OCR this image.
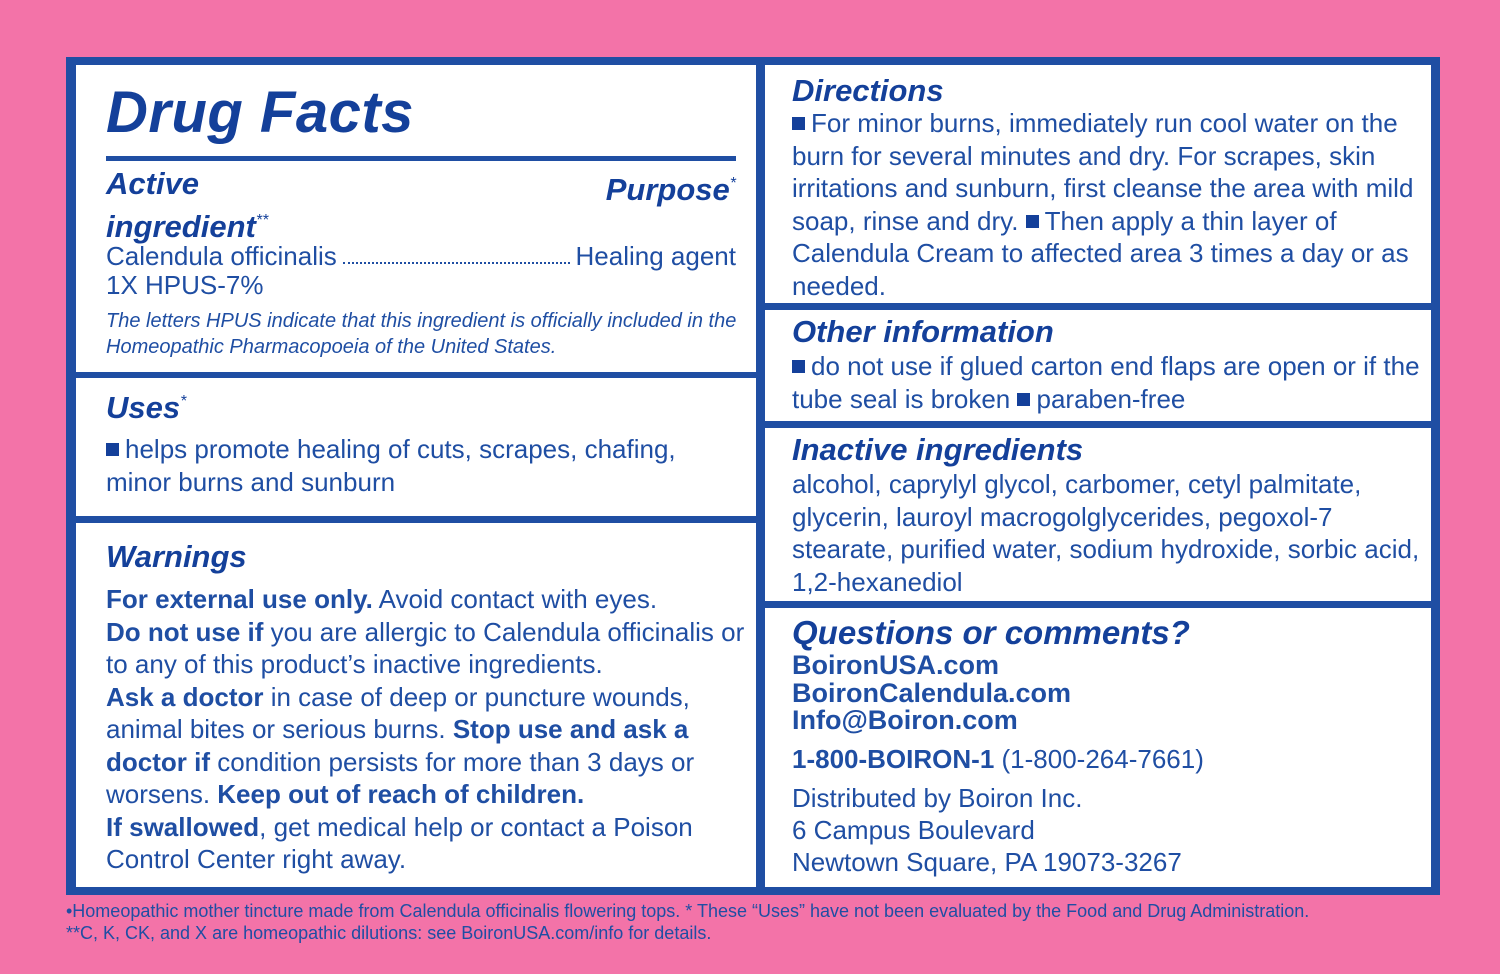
Drug Facts
Active
ingredient**
Purpose*
Calendula officinalis	Healing agent
1X HPUS-7%
The letters HPUS indicate that this ingredient is officially included in the Homeopathic Pharmacopoeia of the United States.
Uses*
helps promote healing of cuts, scrapes, chafing, minor burns and sunburn
Warnings
For external use only. Avoid contact with eyes.
Do not use if you are allergic to Calendula officinalis or to any of this product’s inactive ingredients.
Ask a doctor in case of deep or puncture wounds, animal bites or serious burns. Stop use and ask a doctor if condition persists for more than 3 days or worsens. Keep out of reach of children.
If swallowed, get medical help or contact a Poison Control Center right away.
Directions
For minor burns, immediately run cool water on the burn for several minutes and dry. For scrapes, skin irritations and sunburn, first cleanse the area with mild soap, rinse and dry. Then apply a thin layer of Calendula Cream to affected area 3 times a day or as needed.
Other information
do not use if glued carton end flaps are open or if the tube seal is broken paraben-free
Inactive ingredients
alcohol, caprylyl glycol, carbomer, cetyl palmitate, glycerin, lauroyl macrogolglycerides, pegoxol-7 stearate, purified water, sodium hydroxide, sorbic acid, 1,2-hexanediol
Questions or comments?
BoironUSA.com
BoironCalendula.com
Info@Boiron.com
1-800-BOIRON-1 (1-800-264-7661)
Distributed by Boiron Inc.
6 Campus Boulevard
Newtown Square, PA 19073-3267
•Homeopathic mother tincture made from Calendula officinalis flowering tops. * These “Uses” have not been evaluated by the Food and Drug Administration.
**C, K, CK, and X are homeopathic dilutions: see BoironUSA.com/info for details.
